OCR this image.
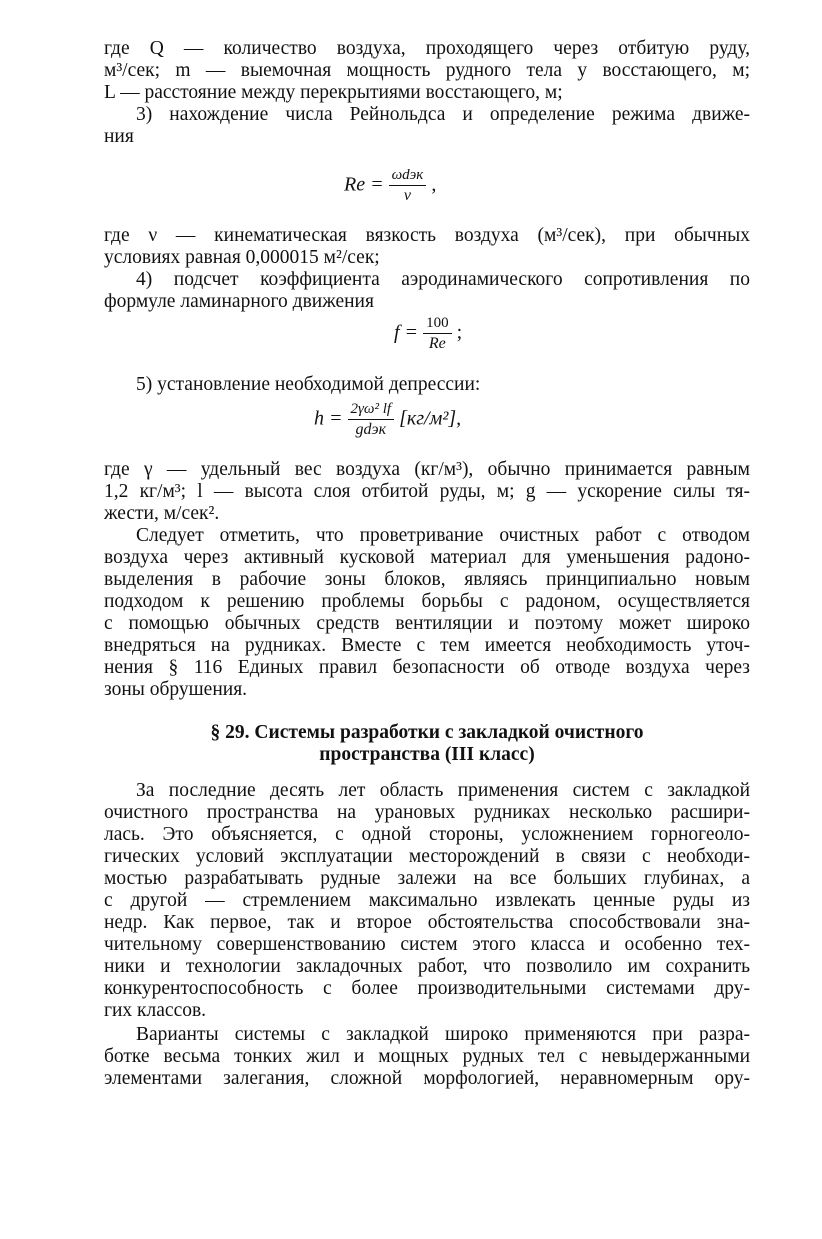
где Q — количество воздуха, проходящего через отбитую руду,
м³/сек; m — выемочная мощность рудного тела у восстающего, м;
L — расстояние между перекрытиями восстающего, м;
3) нахождение числа Рейнольдса и определение режима движе-
ния
$Re = \frac{\text{ωdэк}}{\nu}$ ,
где ν — кинематическая вязкость воздуха (м³/сек), при обычных
условиях равная 0,000015 м²/сек;
4) подсчет коэффициента аэродинамического сопротивления по
формуле ламинарного движения
$f = \frac{100}{Re}$ ;
5) установление необходимой депрессии:
$h = \frac{\text{2γω² lf}}{\text{gdэк}} [кг/м^2]$,
где γ — удельный вес воздуха (кг/м³), обычно принимается равным
1,2 кг/м³; l — высота слоя отбитой руды, м; g — ускорение силы тя-
жести, м/сек².
Следует отметить, что проветривание очистных работ с отводом
воздуха через активный кусковой материал для уменьшения радоно-
выделения в рабочие зоны блоков, являясь принципиально новым
подходом к решению проблемы борьбы с радоном, осуществляется
с помощью обычных средств вентиляции и поэтому может широко
внедряться на рудниках. Вместе с тем имеется необходимость уточ-
нения § 116 Единых правил безопасности об отводе воздуха через
зоны обрушения.
§ 29. Системы разработки с закладкой очистного
пространства (III класс)
За последние десять лет область применения систем с закладкой
очистного пространства на урановых рудниках несколько расшири-
лась. Это объясняется, с одной стороны, усложнением горногеоло-
гических условий эксплуатации месторождений в связи с необходи-
мостью разрабатывать рудные залежи на все больших глубинах, а
с другой — стремлением максимально извлекать ценные руды из
недр. Как первое, так и второе обстоятельства способствовали зна-
чительному совершенствованию систем этого класса и особенно тех-
ники и технологии закладочных работ, что позволило им сохранить
конкурентоспособность с более производительными системами дру-
гих классов.
Варианты системы с закладкой широко применяются при разра-
ботке весьма тонких жил и мощных рудных тел с невыдержанными
элементами залегания, сложной морфологией, неравномерным ору-
